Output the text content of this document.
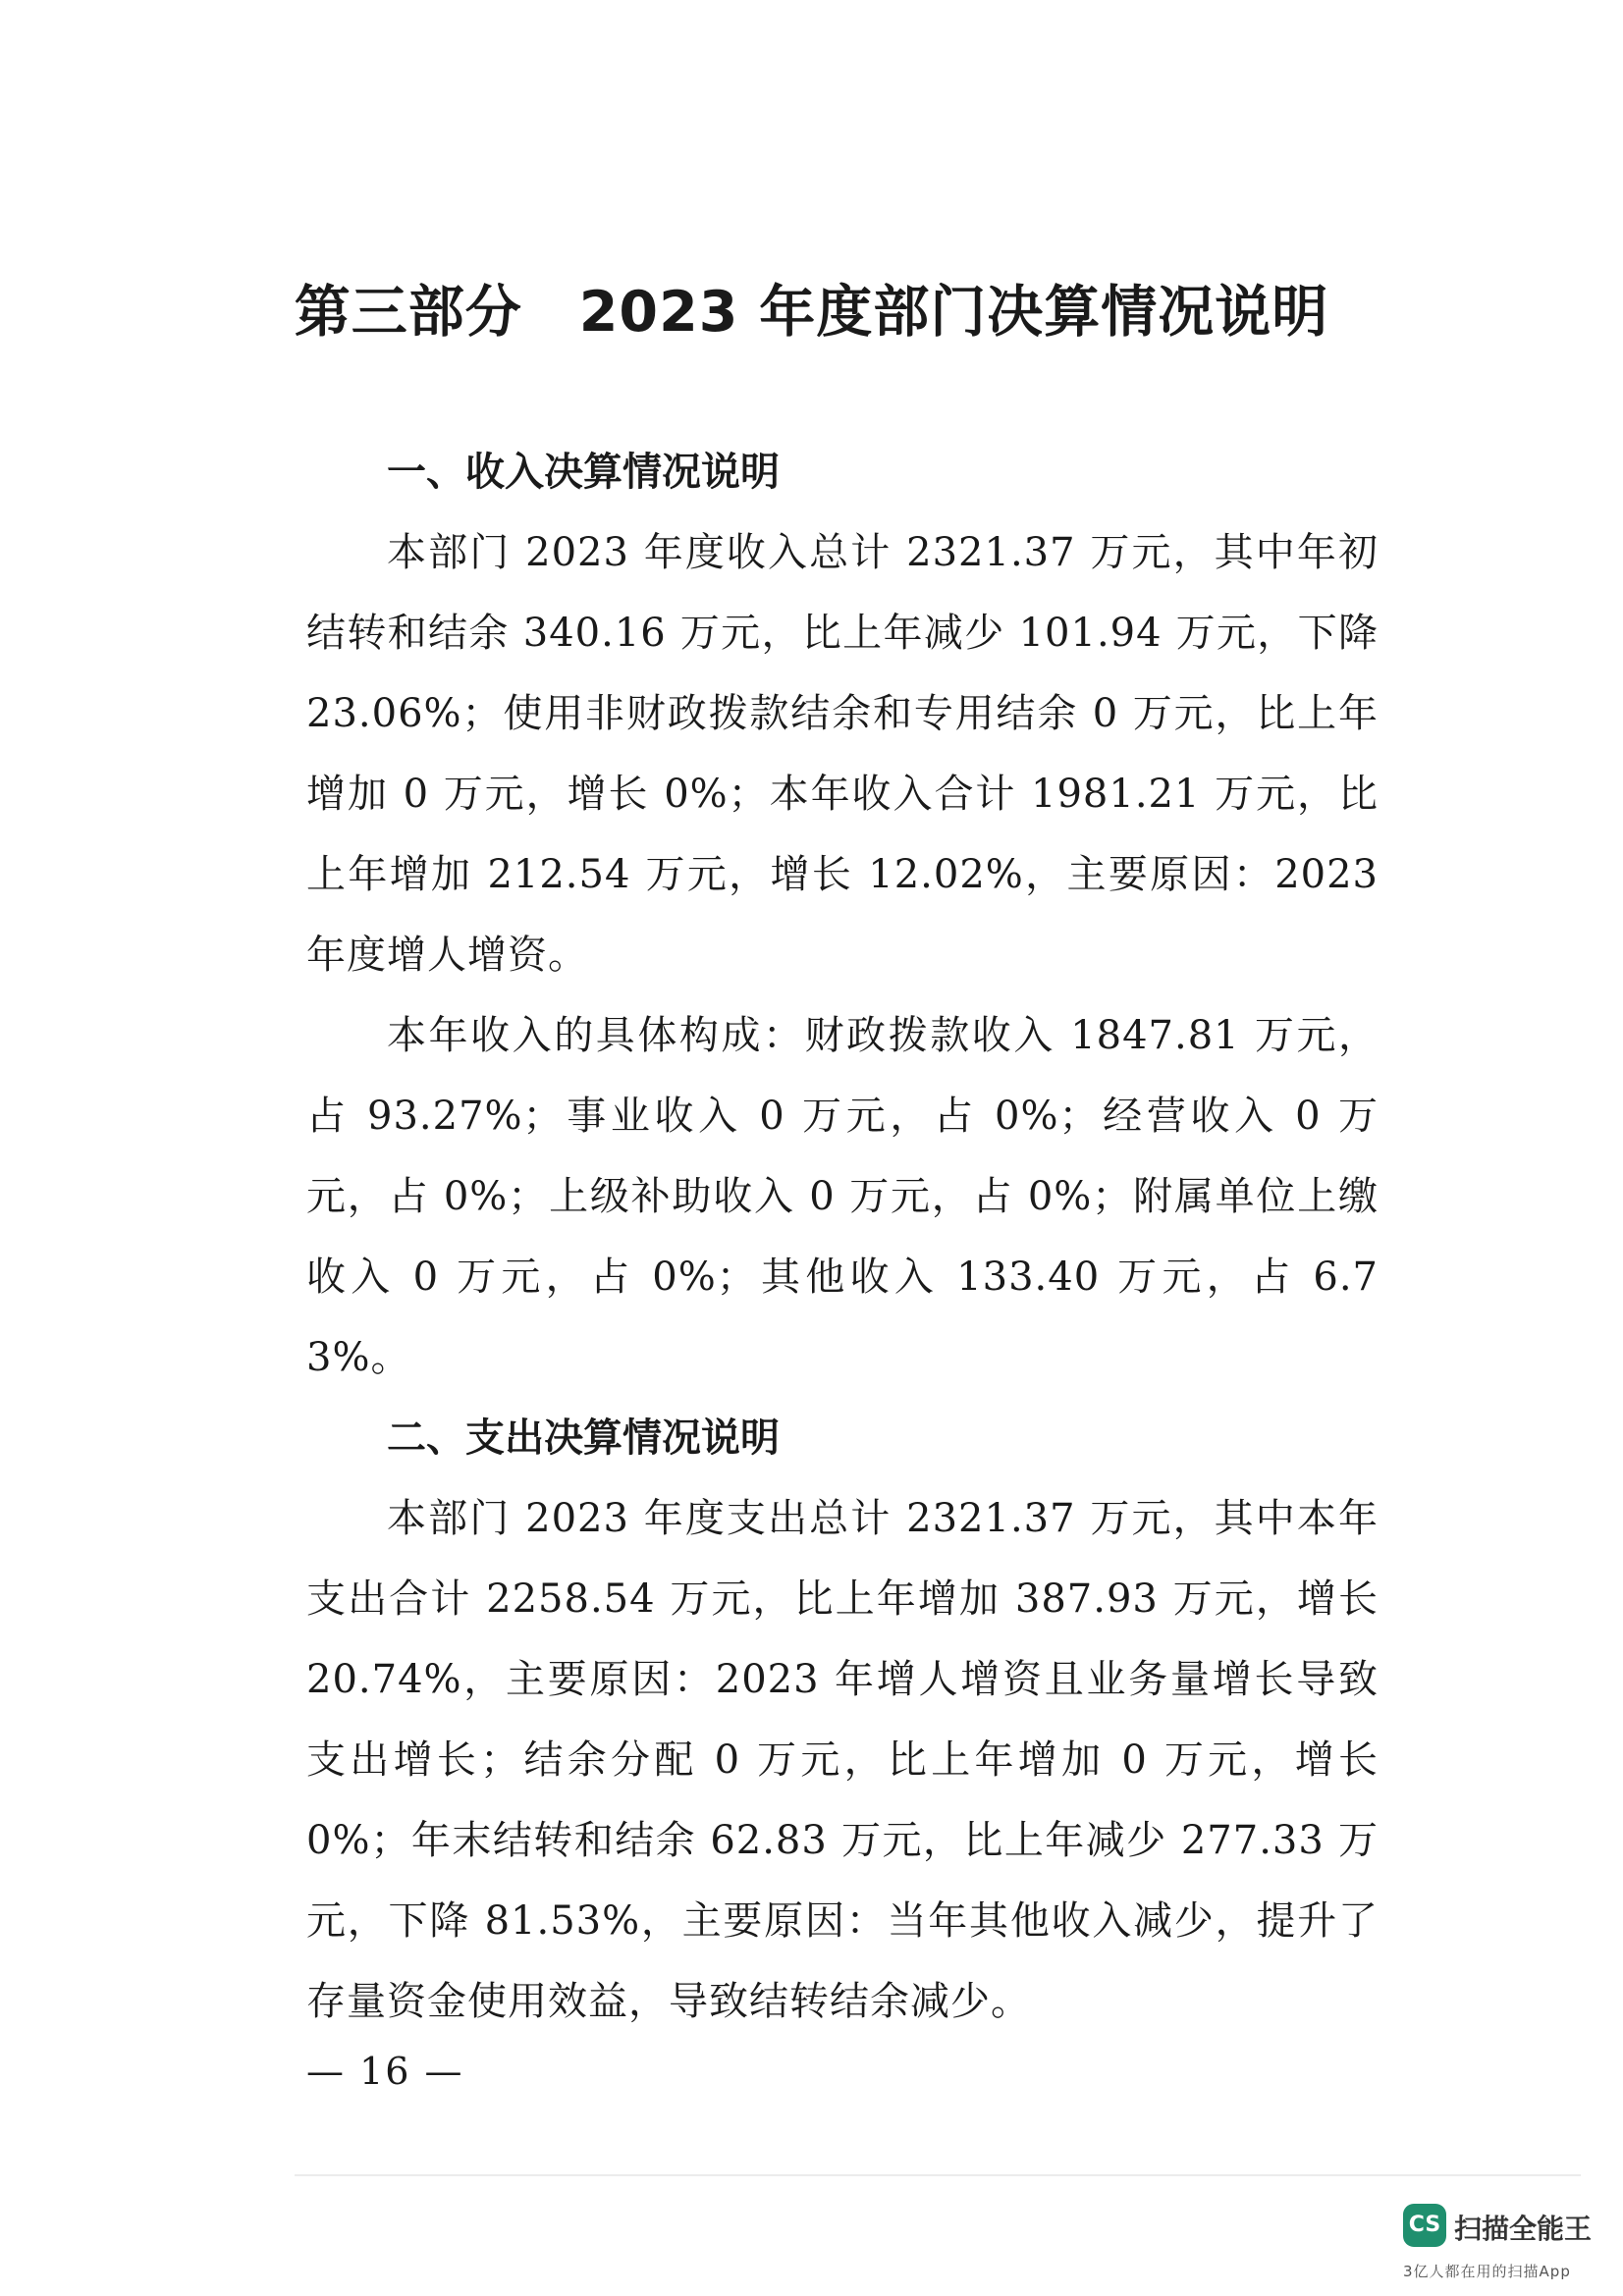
第三部分　2023 年度部门决算情况说明
一、收入决算情况说明

本部门 2023 年度收入总计 2321.37 万元，其中年初结转和结余 340.16 万元，比上年减少 101.94 万元，下降 23.06%；使用非财政拨款结余和专用结余 0 万元，比上年增加 0 万元，增长 0%；本年收入合计 1981.21 万元，比上年增加 212.54 万元，增长 12.02%，主要原因：2023 年度增人增资。

本年收入的具体构成：财政拨款收入 1847.81 万元，占 93.27%；事业收入 0 万元，占 0%；经营收入 0 万元，占 0%；上级补助收入 0 万元，占 0%；附属单位上缴收入 0 万元，占 0%；其他收入 133.40 万元，占 6.73%。

二、支出决算情况说明

本部门 2023 年度支出总计 2321.37 万元，其中本年支出合计 2258.54 万元，比上年增加 387.93 万元，增长 20.74%，主要原因：2023 年增人增资且业务量增长导致支出增长；结余分配 0 万元，比上年增加 0 万元，增长 0%；年末结转和结余 62.83 万元，比上年减少 277.33 万元，下降 81.53%，主要原因：当年其他收入减少，提升了存量资金使用效益，导致结转结余减少。

— 16 —
CS 扫描全能王
3亿人都在用的扫描App
